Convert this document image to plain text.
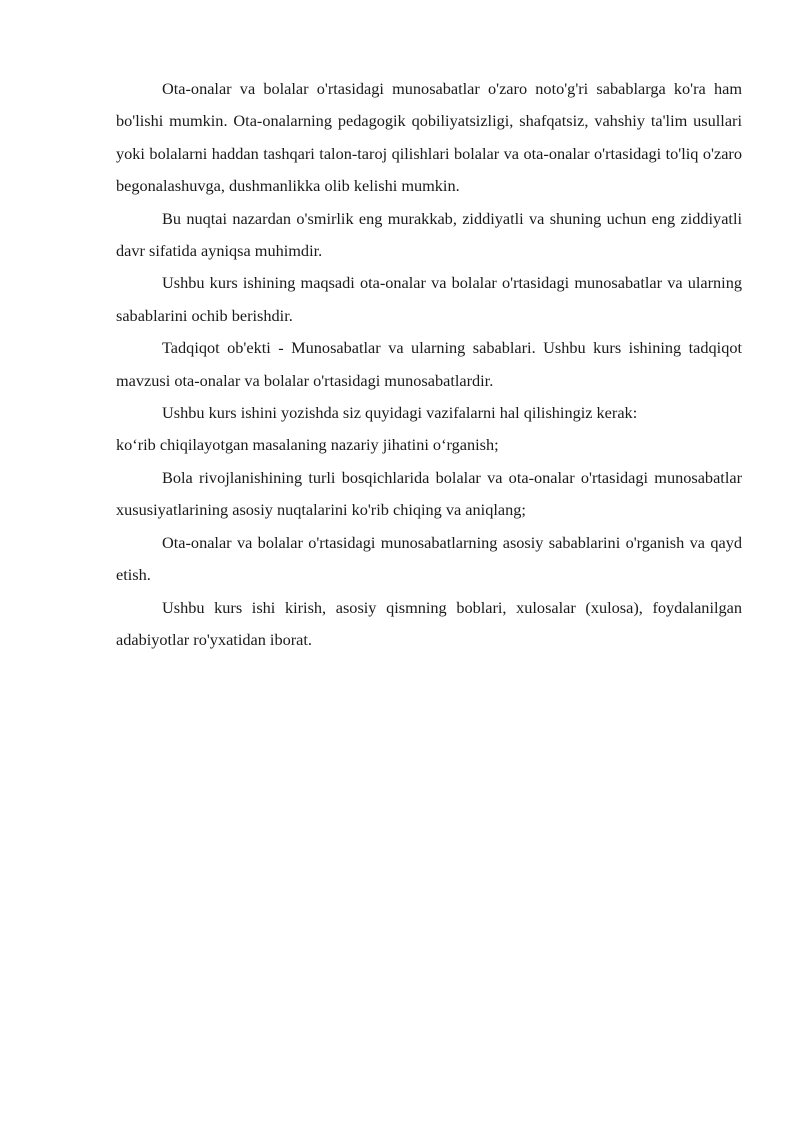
Ota-onalar va bolalar o'rtasidagi munosabatlar o'zaro noto'g'ri sabablarga ko'ra ham bo'lishi mumkin. Ota-onalarning pedagogik qobiliyatsizligi, shafqatsiz, vahshiy ta'lim usullari yoki bolalarni haddan tashqari talon-taroj qilishlari bolalar va ota-onalar o'rtasidagi to'liq o'zaro begonalashuvga, dushmanlikka olib kelishi mumkin.

Bu nuqtai nazardan o'smirlik eng murakkab, ziddiyatli va shuning uchun eng ziddiyatli davr sifatida ayniqsa muhimdir.

Ushbu kurs ishining maqsadi ota-onalar va bolalar o'rtasidagi munosabatlar va ularning sabablarini ochib berishdir.

Tadqiqot ob'ekti - Munosabatlar va ularning sabablari. Ushbu kurs ishining tadqiqot mavzusi ota-onalar va bolalar o'rtasidagi munosabatlardir.

Ushbu kurs ishini yozishda siz quyidagi vazifalarni hal qilishingiz kerak:

ko‘rib chiqilayotgan masalaning nazariy jihatini o‘rganish;

Bola rivojlanishining turli bosqichlarida bolalar va ota-onalar o'rtasidagi munosabatlar xususiyatlarining asosiy nuqtalarini ko'rib chiqing va aniqlang;

Ota-onalar va bolalar o'rtasidagi munosabatlarning asosiy sabablarini o'rganish va qayd etish.

Ushbu kurs ishi kirish, asosiy qismning boblari, xulosalar (xulosa), foydalanilgan adabiyotlar ro'yxatidan iborat.
